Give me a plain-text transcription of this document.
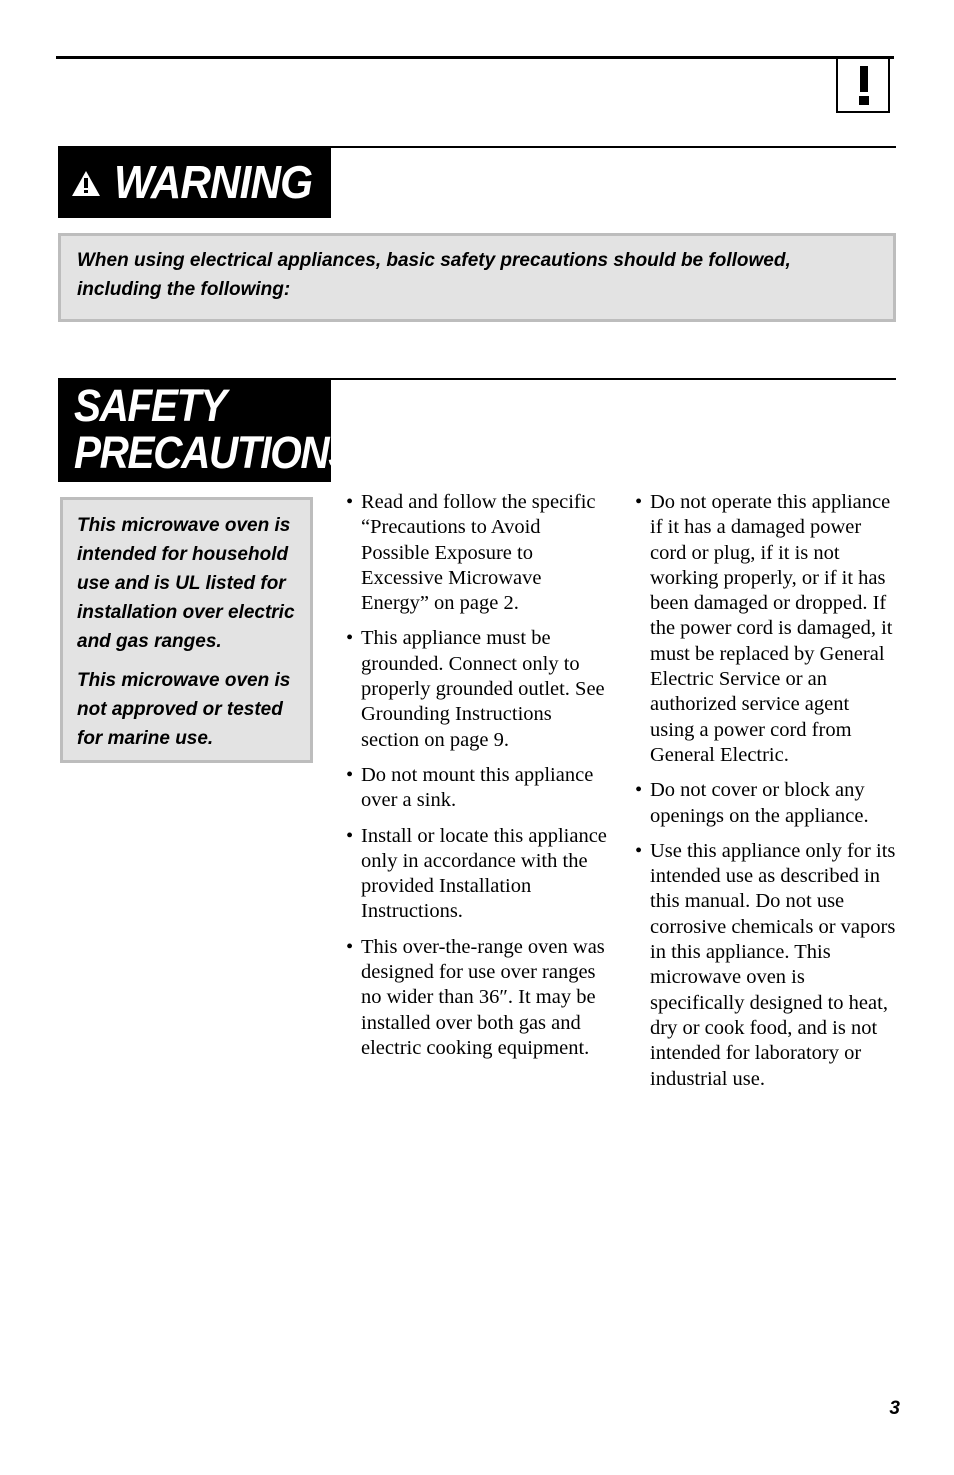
WARNING
When using electrical appliances, basic safety precautions should be followed, including the following:
SAFETY
PRECAUTIONS

This microwave oven is intended for household use and is UL listed for installation over electric and gas ranges.

This microwave oven is not approved or tested for marine use.

• Read and follow the specific “Precautions to Avoid Possible Exposure to Excessive Microwave Energy” on page 2.
• This appliance must be grounded. Connect only to properly grounded outlet. See Grounding Instructions section on page 9.
• Do not mount this appliance over a sink.
• Install or locate this appliance only in accordance with the provided Installation Instructions.
• This over-the-range oven was designed for use over ranges no wider than 36″. It may be installed over both gas and electric cooking equipment.
• Do not operate this appliance if it has a damaged power cord or plug, if it is not working properly, or if it has been damaged or dropped. If the power cord is damaged, it must be replaced by General Electric Service or an authorized service agent using a power cord from General Electric.
• Do not cover or block any openings on the appliance.
• Use this appliance only for its intended use as described in this manual. Do not use corrosive chemicals or vapors in this appliance. This microwave oven is specifically designed to heat, dry or cook food, and is not intended for laboratory or industrial use.
3
